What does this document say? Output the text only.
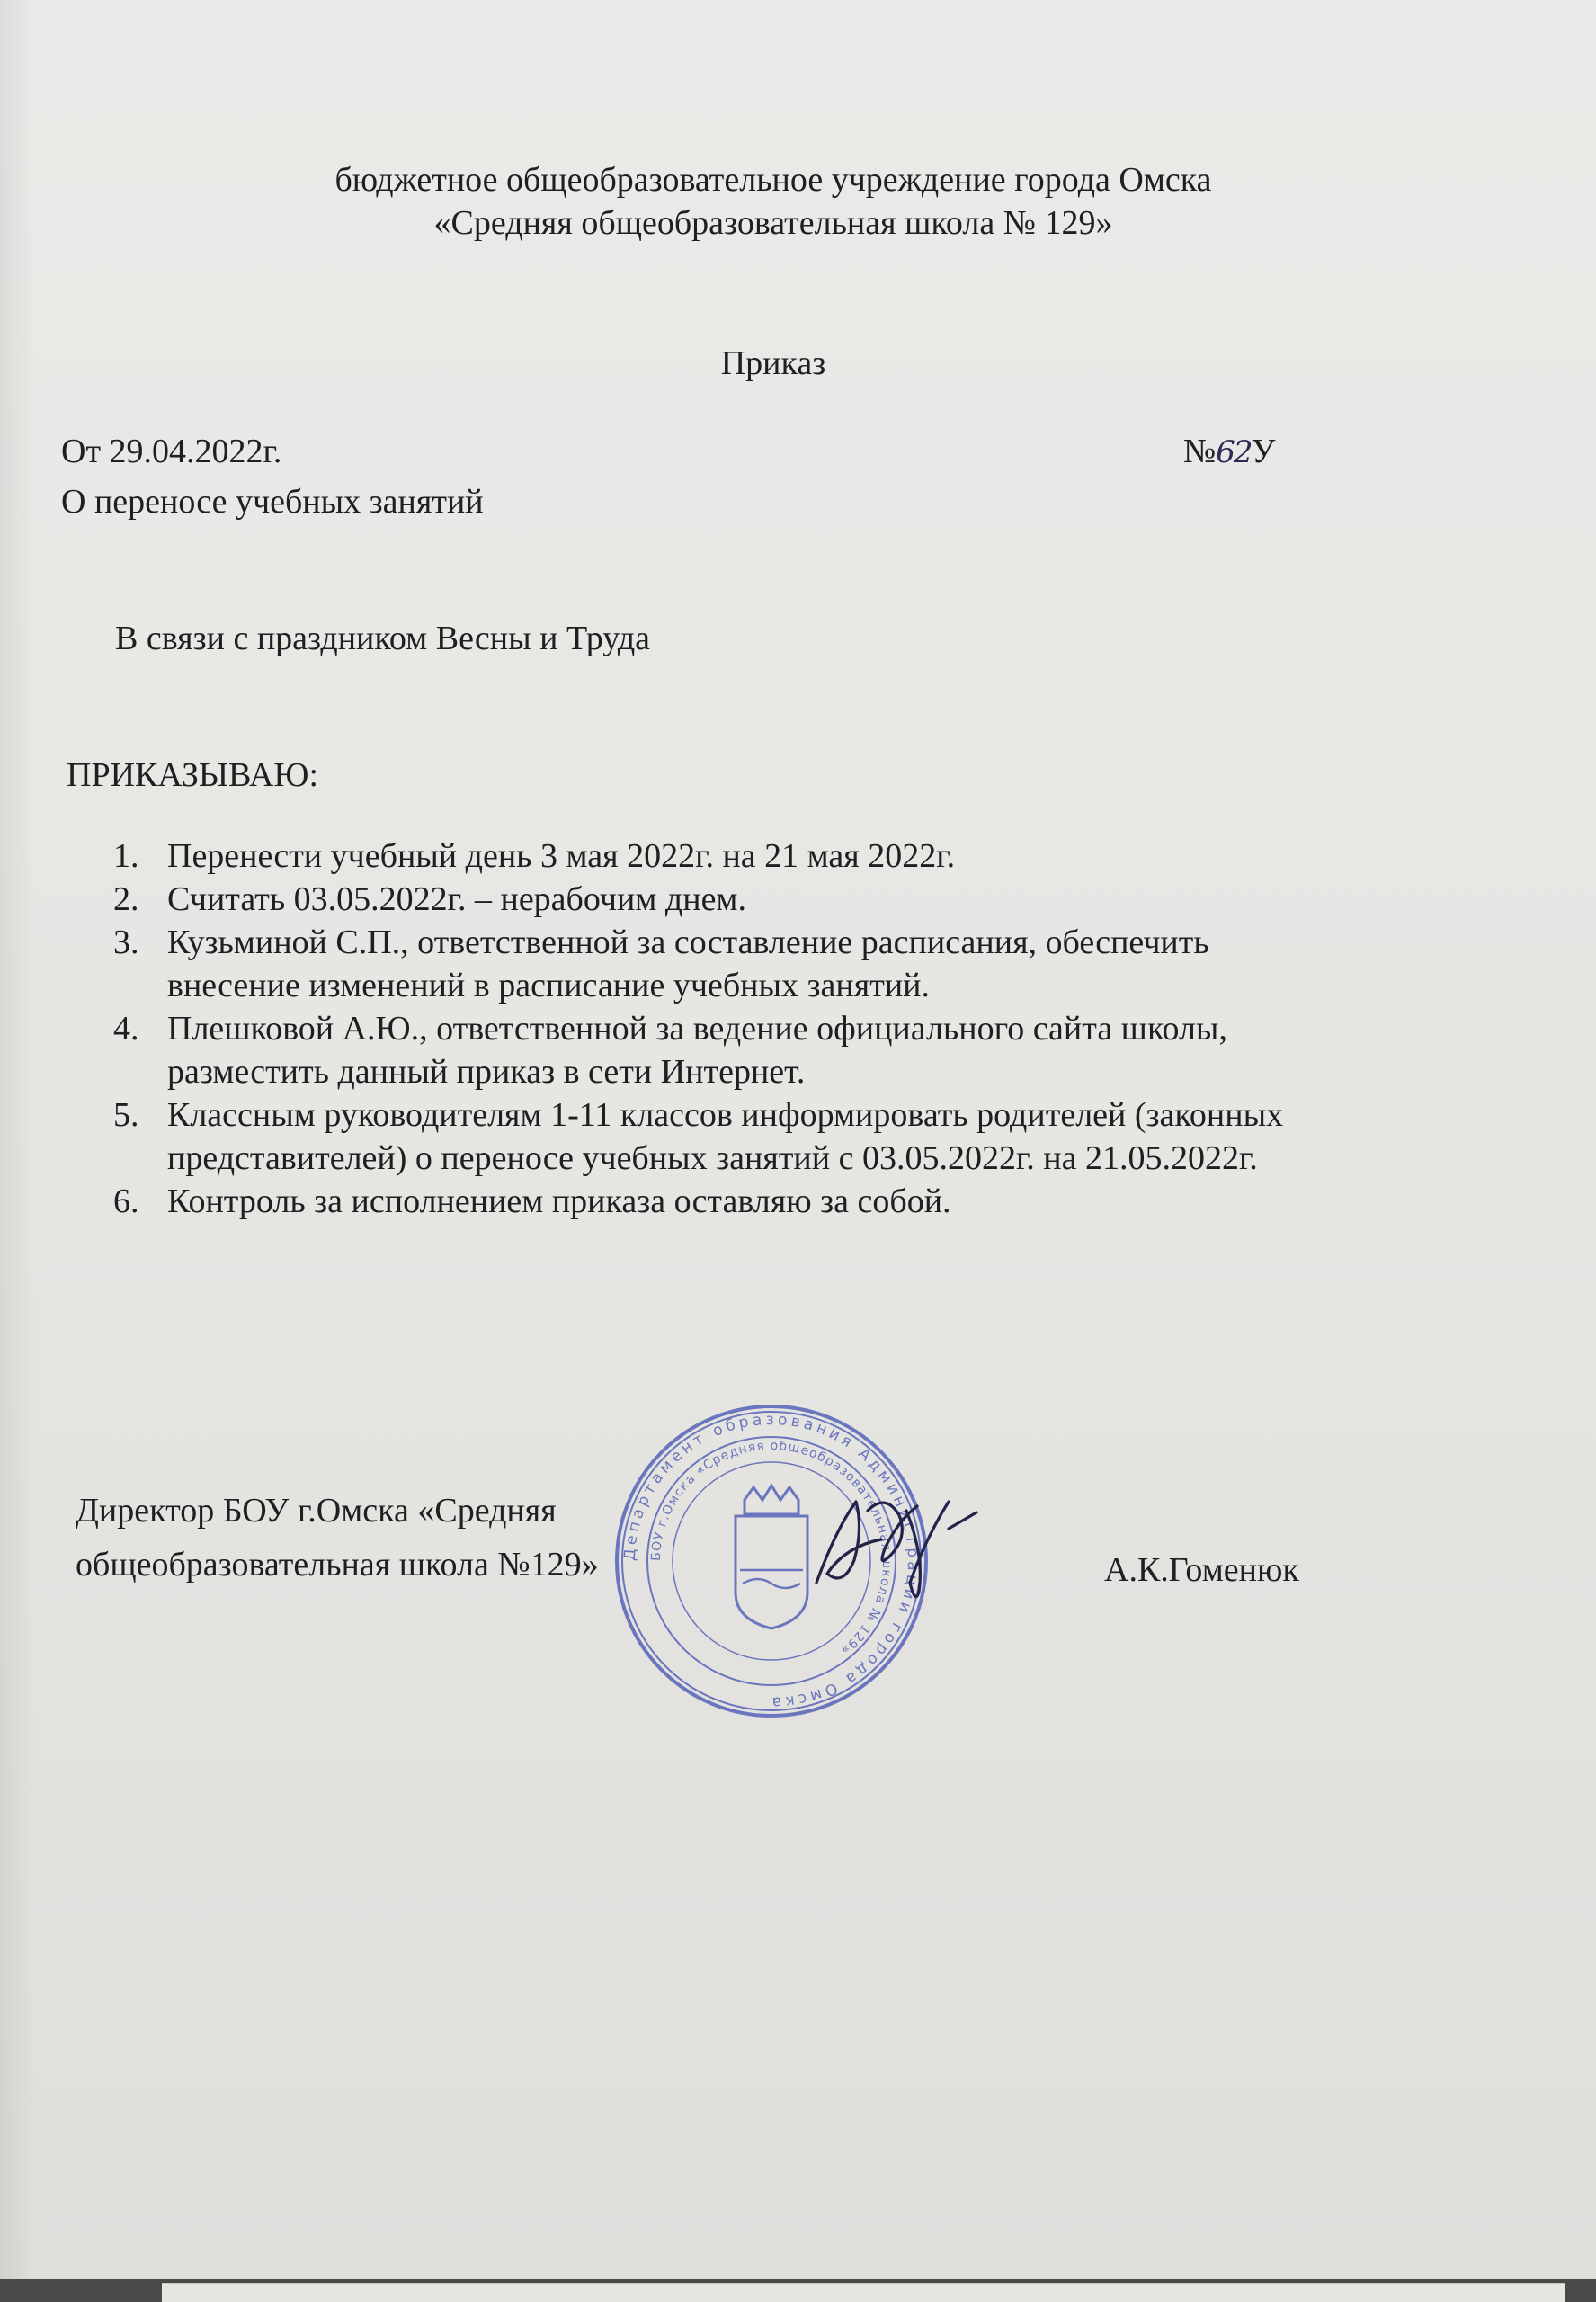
бюджетное общеобразовательное учреждение города Омска
«Средняя общеобразовательная школа № 129»
Приказ
От 29.04.2022г.	№62У
О переносе учебных занятий
В связи с праздником Весны и Труда
ПРИКАЗЫВАЮ:
1. Перенести учебный день 3 мая 2022г. на 21 мая 2022г.
2. Считать 03.05.2022г. – нерабочим днем.
3. Кузьминой С.П., ответственной за составление расписания, обеспечить
внесение изменений в расписание учебных занятий.
4. Плешковой А.Ю., ответственной за ведение официального сайта школы,
разместить данный приказ в сети Интернет.
5. Классным руководителям 1-11 классов информировать родителей (законных
представителей) о переносе учебных занятий с 03.05.2022г. на 21.05.2022г.
6. Контроль за исполнением приказа оставляю за собой.
Директор БОУ г.Омска «Средняя
общеобразовательная школа №129»	А.К.Гоменюк
Департамент образования Администрации города Омска
БОУ г.Омска «Средняя общеобразовательная школа № 129»
